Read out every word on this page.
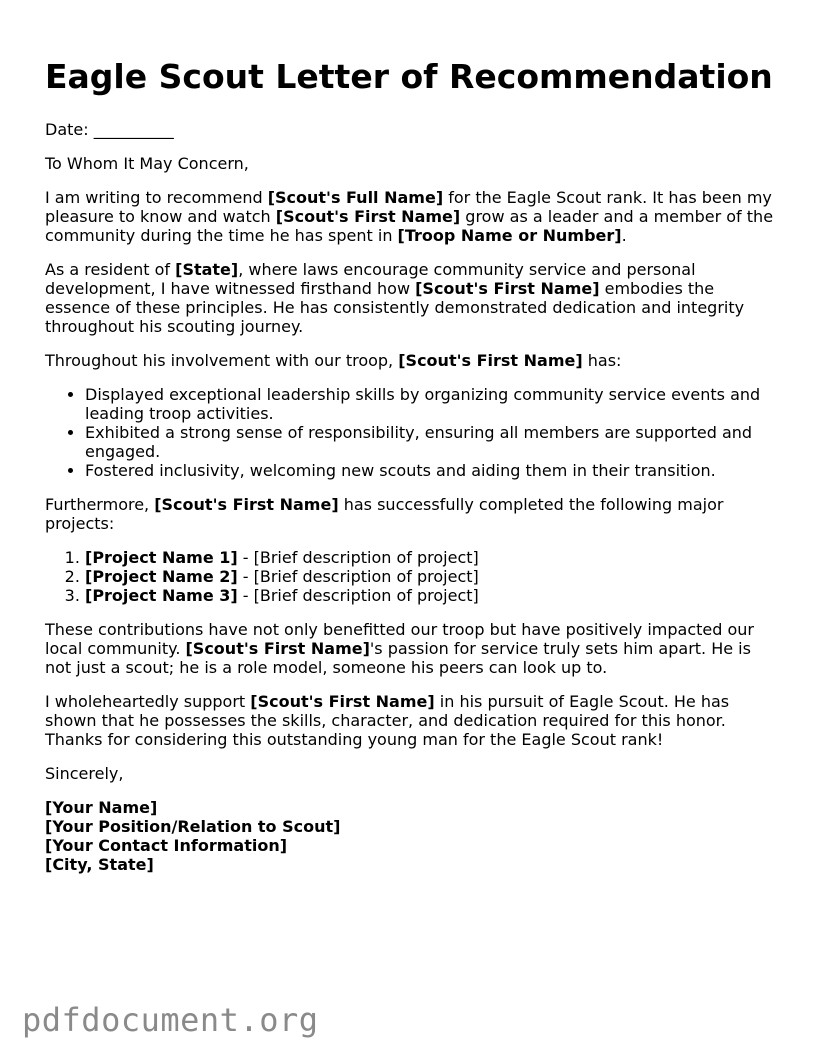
Eagle Scout Letter of Recommendation

Date: __________

To Whom It May Concern,

I am writing to recommend [Scout's Full Name] for the Eagle Scout rank. It has been my pleasure to know and watch [Scout's First Name] grow as a leader and a member of the community during the time he has spent in [Troop Name or Number].

As a resident of [State], where laws encourage community service and personal development, I have witnessed firsthand how [Scout's First Name] embodies the essence of these principles. He has consistently demonstrated dedication and integrity throughout his scouting journey.

Throughout his involvement with our troop, [Scout's First Name] has:

• Displayed exceptional leadership skills by organizing community service events and leading troop activities.
• Exhibited a strong sense of responsibility, ensuring all members are supported and engaged.
• Fostered inclusivity, welcoming new scouts and aiding them in their transition.

Furthermore, [Scout's First Name] has successfully completed the following major projects:

1. [Project Name 1] - [Brief description of project]
2. [Project Name 2] - [Brief description of project]
3. [Project Name 3] - [Brief description of project]

These contributions have not only benefitted our troop but have positively impacted our local community. [Scout's First Name]'s passion for service truly sets him apart. He is not just a scout; he is a role model, someone his peers can look up to.

I wholeheartedly support [Scout's First Name] in his pursuit of Eagle Scout. He has shown that he possesses the skills, character, and dedication required for this honor. Thanks for considering this outstanding young man for the Eagle Scout rank!

Sincerely,

[Your Name]

[Your Position/Relation to Scout]

[Your Contact Information]

[City, State]

pdfdocument.org
